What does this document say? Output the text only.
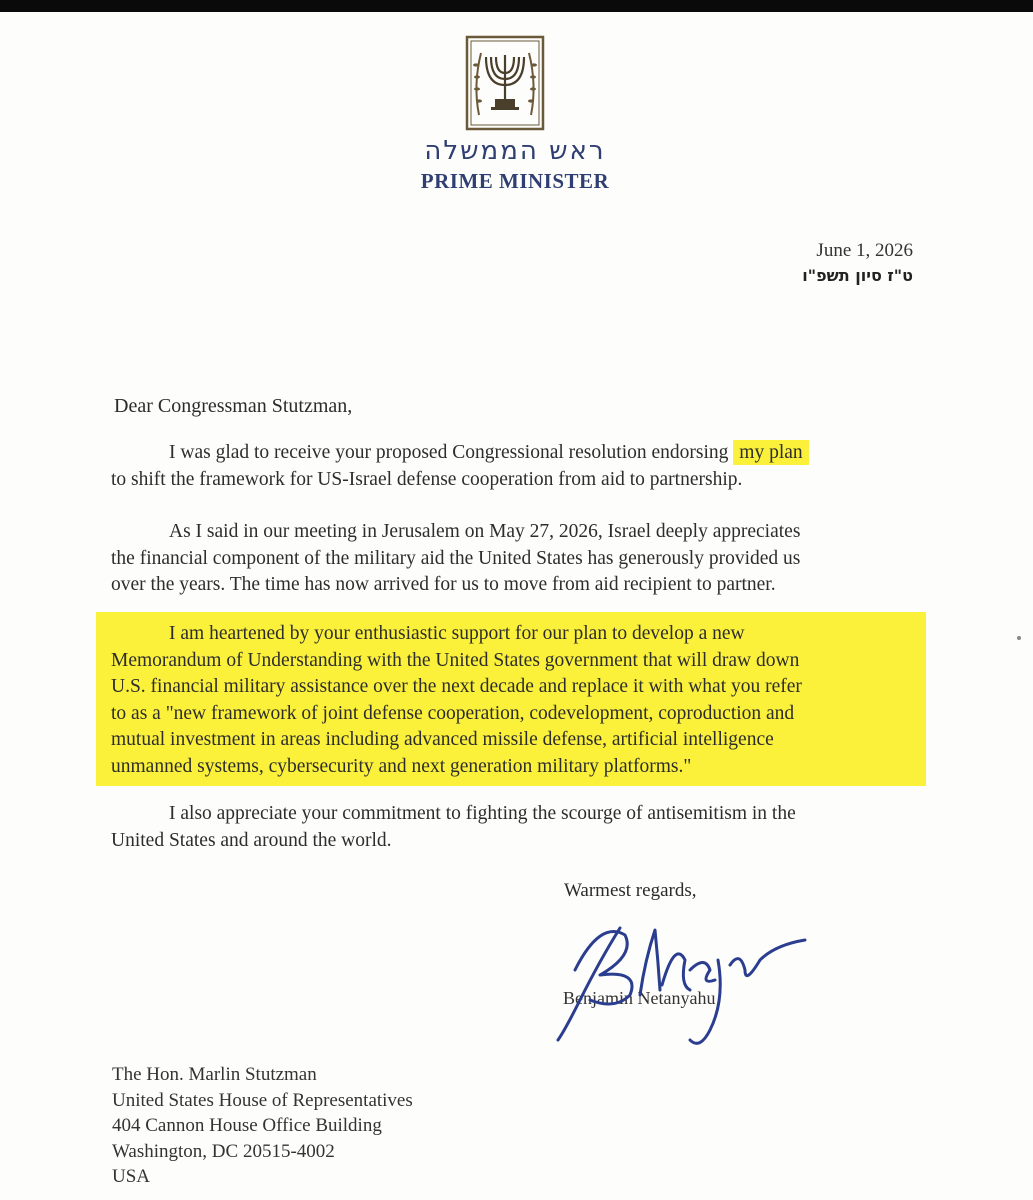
ראש הממשלה
PRIME MINISTER
June 1, 2026
ט"ז סיון תשפ"ו
Dear Congressman Stutzman,
I was glad to receive your proposed Congressional resolution endorsing my plan
to shift the framework for US-Israel defense cooperation from aid to partnership.
As I said in our meeting in Jerusalem on May 27, 2026, Israel deeply appreciates
the financial component of the military aid the United States has generously provided us
over the years. The time has now arrived for us to move from aid recipient to partner.
I am heartened by your enthusiastic support for our plan to develop a new
Memorandum of Understanding with the United States government that will draw down
U.S. financial military assistance over the next decade and replace it with what you refer
to as a "new framework of joint defense cooperation, codevelopment, coproduction and
mutual investment in areas including advanced missile defense, artificial intelligence
unmanned systems, cybersecurity and next generation military platforms."
I also appreciate your commitment to fighting the scourge of antisemitism in the
United States and around the world.
Warmest regards,
Benjamin Netanyahu
The Hon. Marlin Stutzman
United States House of Representatives
404 Cannon House Office Building
Washington, DC 20515-4002
USA
